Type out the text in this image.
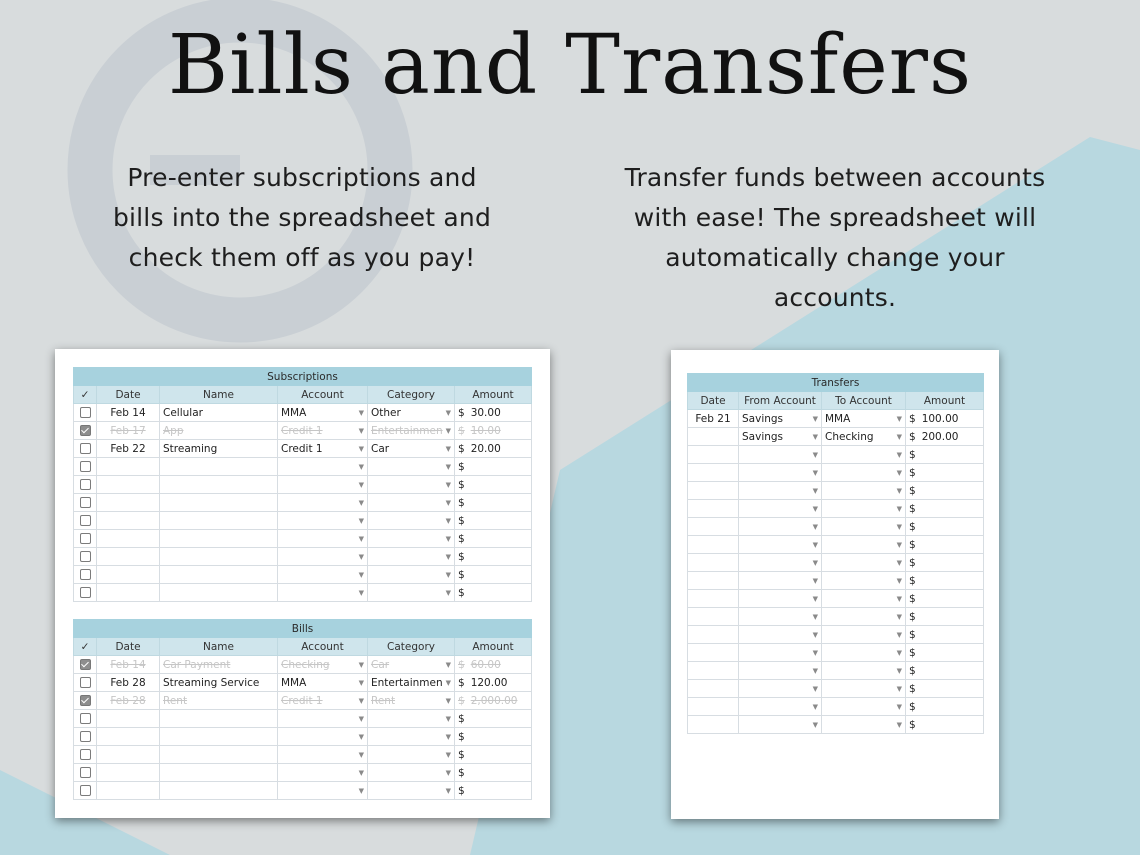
Bills and Transfers
Pre-enter subscriptions and bills into the spreadsheet and check them off as you pay!
Transfer funds between accounts with ease! The spreadsheet will automatically change your accounts.
Subscriptions					
✓	Date	Name	Account	Category	Amount
	Feb 14	Cellular	MMA ▼	Other ▼	$ 30.00

	Feb 17	App	Credit 1 ▼	Entertainmen ▼	$ 10.00

	Feb 22	Streaming	Credit 1 ▼	Car ▼	$ 20.00

			▼	▼	$

			▼	▼	$

			▼	▼	$

			▼	▼	$

			▼	▼	$

			▼	▼	$

			▼	▼	$

			▼	▼	$
Bills					
✓	Date	Name	Account	Category	Amount
	Feb 14	Car Payment	Checking ▼	Car ▼	$ 60.00

	Feb 28	Streaming Service	MMA ▼	Entertainmen ▼	$ 120.00

	Feb 28	Rent	Credit 1 ▼	Rent ▼	$ 2,000.00

			▼	▼	$

			▼	▼	$

			▼	▼	$

			▼	▼	$

			▼	▼	$
Transfers			
Date	From Account	To Account	Amount
Feb 21	Savings ▼	MMA ▼	$ 100.00

	Savings ▼	Checking ▼	$ 200.00

	▼	▼	$

	▼	▼	$

	▼	▼	$

	▼	▼	$

	▼	▼	$

	▼	▼	$

	▼	▼	$

	▼	▼	$

	▼	▼	$

	▼	▼	$

	▼	▼	$

	▼	▼	$

	▼	▼	$

	▼	▼	$

	▼	▼	$

	▼	▼	$
